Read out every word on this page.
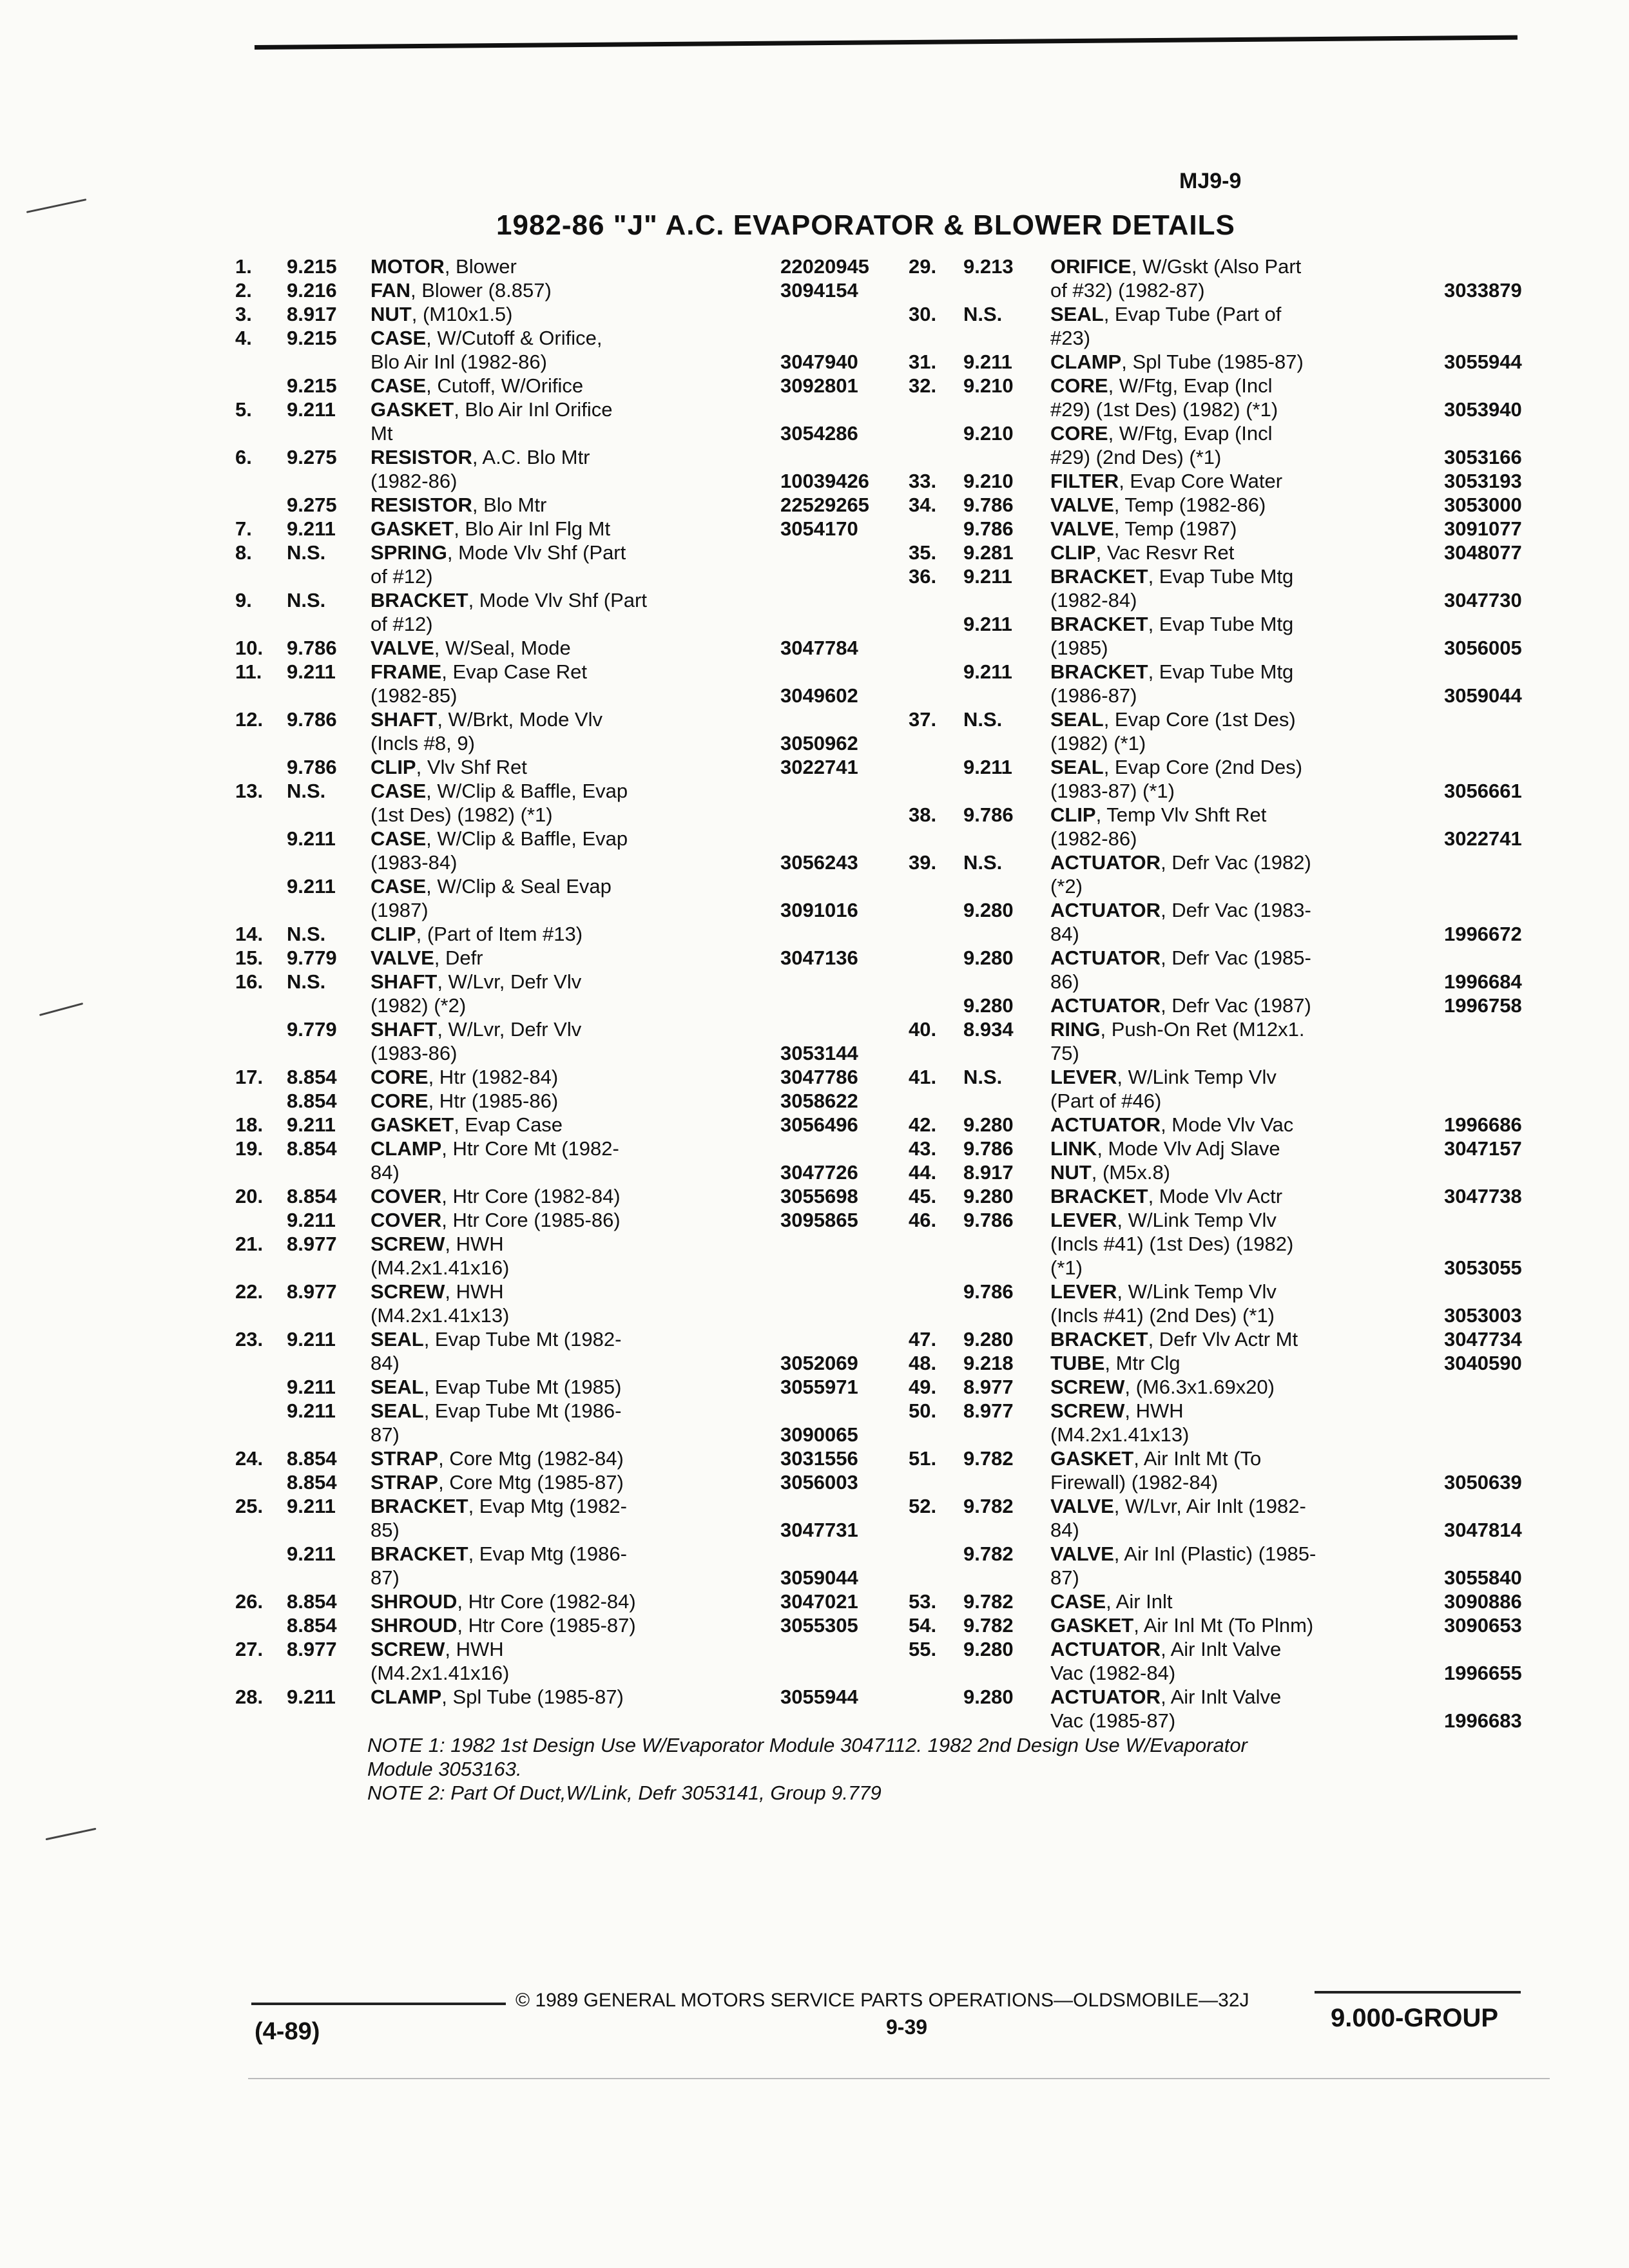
MJ9-9
1982-86 "J" A.C. EVAPORATOR & BLOWER DETAILS
1.	9.215	MOTOR, Blower	22020945
2.	9.216	FAN, Blower (8.857)	3094154
3.	8.917	NUT, (M10x1.5)
4.	9.215	CASE, W/Cutoff & Orifice,
Blo Air Inl (1982-86)	3047940
9.215	CASE, Cutoff, W/Orifice	3092801
5.	9.211	GASKET, Blo Air Inl Orifice
Mt	3054286
6.	9.275	RESISTOR, A.C. Blo Mtr
(1982-86)	10039426
9.275	RESISTOR, Blo Mtr	22529265
7.	9.211	GASKET, Blo Air Inl Flg Mt	3054170
8.	N.S.	SPRING, Mode Vlv Shf (Part
of #12)
9.	N.S.	BRACKET, Mode Vlv Shf (Part
of #12)
10.	9.786	VALVE, W/Seal, Mode	3047784
11.	9.211	FRAME, Evap Case Ret
(1982-85)	3049602
12.	9.786	SHAFT, W/Brkt, Mode Vlv
(Incls #8, 9)	3050962
9.786	CLIP, Vlv Shf Ret	3022741
13.	N.S.	CASE, W/Clip & Baffle, Evap
(1st Des) (1982) (*1)
9.211	CASE, W/Clip & Baffle, Evap
(1983-84)	3056243
9.211	CASE, W/Clip & Seal Evap
(1987)	3091016
14.	N.S.	CLIP, (Part of Item #13)
15.	9.779	VALVE, Defr	3047136
16.	N.S.	SHAFT, W/Lvr, Defr Vlv
(1982) (*2)
9.779	SHAFT, W/Lvr, Defr Vlv
(1983-86)	3053144
17.	8.854	CORE, Htr (1982-84)	3047786
8.854	CORE, Htr (1985-86)	3058622
18.	9.211	GASKET, Evap Case	3056496
19.	8.854	CLAMP, Htr Core Mt (1982-
84)	3047726
20.	8.854	COVER, Htr Core (1982-84)	3055698
9.211	COVER, Htr Core (1985-86)	3095865
21.	8.977	SCREW, HWH
(M4.2x1.41x16)
22.	8.977	SCREW, HWH
(M4.2x1.41x13)
23.	9.211	SEAL, Evap Tube Mt (1982-
84)	3052069
9.211	SEAL, Evap Tube Mt (1985)	3055971
9.211	SEAL, Evap Tube Mt (1986-
87)	3090065
24.	8.854	STRAP, Core Mtg (1982-84)	3031556
8.854	STRAP, Core Mtg (1985-87)	3056003
25.	9.211	BRACKET, Evap Mtg (1982-
85)	3047731
9.211	BRACKET, Evap Mtg (1986-
87)	3059044
26.	8.854	SHROUD, Htr Core (1982-84)	3047021
8.854	SHROUD, Htr Core (1985-87)	3055305
27.	8.977	SCREW, HWH
(M4.2x1.41x16)
28.	9.211	CLAMP, Spl Tube (1985-87)	3055944
29.	9.213	ORIFICE, W/Gskt (Also Part
of #32) (1982-87)	3033879
30.	N.S.	SEAL, Evap Tube (Part of
#23)
31.	9.211	CLAMP, Spl Tube (1985-87)	3055944
32.	9.210	CORE, W/Ftg, Evap (Incl
#29) (1st Des) (1982) (*1)	3053940
9.210	CORE, W/Ftg, Evap (Incl
#29) (2nd Des) (*1)	3053166
33.	9.210	FILTER, Evap Core Water	3053193
34.	9.786	VALVE, Temp (1982-86)	3053000
9.786	VALVE, Temp (1987)	3091077
35.	9.281	CLIP, Vac Resvr Ret	3048077
36.	9.211	BRACKET, Evap Tube Mtg
(1982-84)	3047730
9.211	BRACKET, Evap Tube Mtg
(1985)	3056005
9.211	BRACKET, Evap Tube Mtg
(1986-87)	3059044
37.	N.S.	SEAL, Evap Core (1st Des)
(1982) (*1)
9.211	SEAL, Evap Core (2nd Des)
(1983-87) (*1)	3056661
38.	9.786	CLIP, Temp Vlv Shft Ret
(1982-86)	3022741
39.	N.S.	ACTUATOR, Defr Vac (1982)
(*2)
9.280	ACTUATOR, Defr Vac (1983-
84)	1996672
9.280	ACTUATOR, Defr Vac (1985-
86)	1996684
9.280	ACTUATOR, Defr Vac (1987)	1996758
40.	8.934	RING, Push-On Ret (M12x1.
75)
41.	N.S.	LEVER, W/Link Temp Vlv
(Part of #46)
42.	9.280	ACTUATOR, Mode Vlv Vac	1996686
43.	9.786	LINK, Mode Vlv Adj Slave	3047157
44.	8.917	NUT, (M5x.8)
45.	9.280	BRACKET, Mode Vlv Actr	3047738
46.	9.786	LEVER, W/Link Temp Vlv
(Incls #41) (1st Des) (1982)
(*1)	3053055
9.786	LEVER, W/Link Temp Vlv
(Incls #41) (2nd Des) (*1)	3053003
47.	9.280	BRACKET, Defr Vlv Actr Mt	3047734
48.	9.218	TUBE, Mtr Clg	3040590
49.	8.977	SCREW, (M6.3x1.69x20)
50.	8.977	SCREW, HWH
(M4.2x1.41x13)
51.	9.782	GASKET, Air Inlt Mt (To
Firewall) (1982-84)	3050639
52.	9.782	VALVE, W/Lvr, Air Inlt (1982-
84)	3047814
9.782	VALVE, Air Inl (Plastic) (1985-
87)	3055840
53.	9.782	CASE, Air Inlt	3090886
54.	9.782	GASKET, Air Inl Mt (To Plnm)	3090653
55.	9.280	ACTUATOR, Air Inlt Valve
Vac (1982-84)	1996655
9.280	ACTUATOR, Air Inlt Valve
Vac (1985-87)	1996683
NOTE 1: 1982 1st Design Use W/Evaporator Module 3047112. 1982 2nd Design Use W/Evaporator
Module 3053163.
NOTE 2: Part Of Duct,W/Link, Defr 3053141, Group 9.779
© 1989 GENERAL MOTORS SERVICE PARTS OPERATIONS—OLDSMOBILE—32J
(4-89)	9-39	9.000-GROUP
